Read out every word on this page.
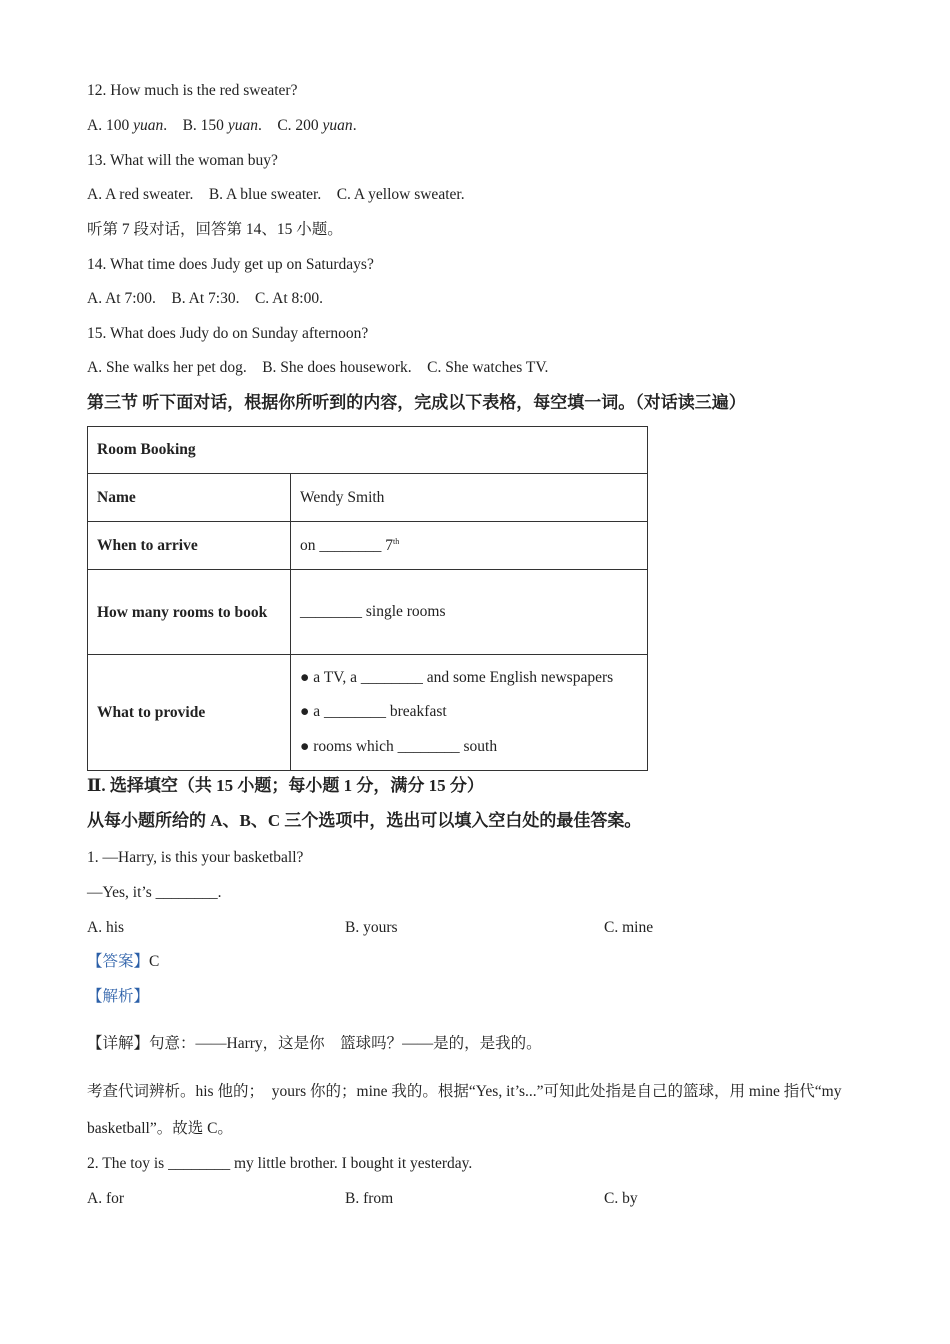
12. How much is the red sweater?
A. 100 yuan. B. 150 yuan. C. 200 yuan.
13. What will the woman buy?
A. A red sweater. B. A blue sweater. C. A yellow sweater.
听第 7 段对话，回答第 14、15 小题。
14. What time does Judy get up on Saturdays?
A. At 7:00. B. At 7:30. C. At 8:00.
15. What does Judy do on Sunday afternoon?
A. She walks her pet dog. B. She does housework. C. She watches TV.
第三节 听下面对话，根据你所听到的内容，完成以下表格，每空填一词。（对话读三遍）
Room Booking	
Name	Wendy Smith
When to arrive	on ________ 7th
How many rooms to book	________ single rooms
What to provide	● a TV, a ________ and some English newspapers
● a ________ breakfast
● rooms which ________ south
Ⅱ. 选择填空（共 15 小题；每小题 1 分，满分 15 分）
从每小题所给的 A、B、C 三个选项中，选出可以填入空白处的最佳答案。
1. —Harry, is this your basketball?
—Yes, it’s ________.
A. his	B. yours	C. mine
【答案】C
【解析】
【详解】句意：——Harry，这是你　篮球吗？——是的，是我的。
考查代词辨析。his 他的；　yours 你的；mine 我的。根据“Yes, it’s...”可知此处指是自己的篮球，用 mine 指代“my basketball”。故选 C。
2. The toy is ________ my little brother. I bought it yesterday.
A. for	B. from	C. by
